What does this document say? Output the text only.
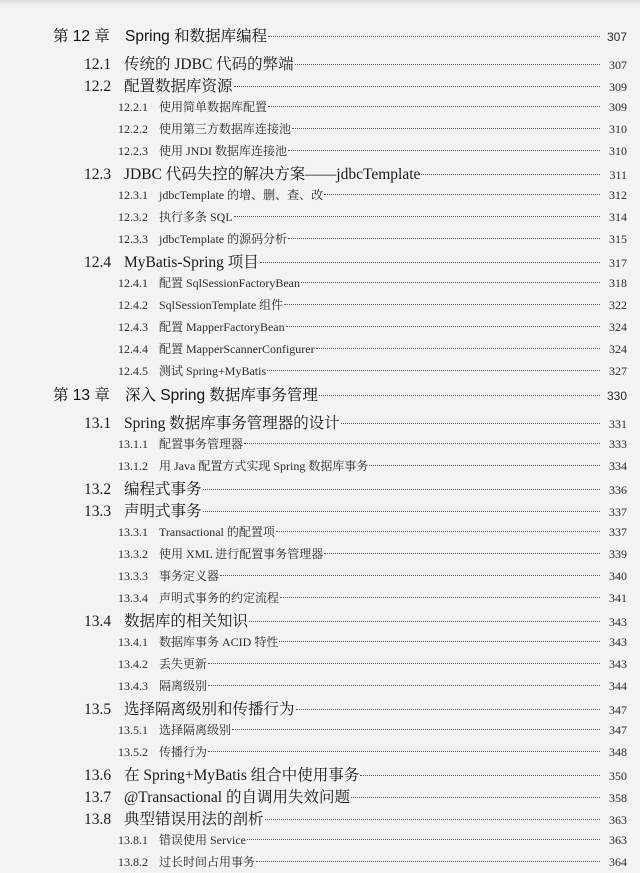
第 12 章 Spring 和数据库编程	307
12.1 传统的 JDBC 代码的弊端	307
12.2 配置数据库资源	309
12.2.1 使用简单数据库配置	309
12.2.2 使用第三方数据库连接池	310
12.2.3 使用 JNDI 数据库连接池	310
12.3 JDBC 代码失控的解决方案——jdbcTemplate	311
12.3.1 jdbcTemplate 的增、删、查、改	312
12.3.2 执行多条 SQL	314
12.3.3 jdbcTemplate 的源码分析	315
12.4 MyBatis-Spring 项目	317
12.4.1 配置 SqlSessionFactoryBean	318
12.4.2 SqlSessionTemplate 组件	322
12.4.3 配置 MapperFactoryBean	324
12.4.4 配置 MapperScannerConfigurer	324
12.4.5 测试 Spring+MyBatis	327
第 13 章 深入 Spring 数据库事务管理	330
13.1 Spring 数据库事务管理器的设计	331
13.1.1 配置事务管理器	333
13.1.2 用 Java 配置方式实现 Spring 数据库事务	334
13.2 编程式事务	336
13.3 声明式事务	337
13.3.1 Transactional 的配置项	337
13.3.2 使用 XML 进行配置事务管理器	339
13.3.3 事务定义器	340
13.3.4 声明式事务的约定流程	341
13.4 数据库的相关知识	343
13.4.1 数据库事务 ACID 特性	343
13.4.2 丢失更新	343
13.4.3 隔离级别	344
13.5 选择隔离级别和传播行为	347
13.5.1 选择隔离级别	347
13.5.2 传播行为	348
13.6 在 Spring+MyBatis 组合中使用事务	350
13.7 @Transactional 的自调用失效问题	358
13.8 典型错误用法的剖析	363
13.8.1 错误使用 Service	363
13.8.2 过长时间占用事务	364
